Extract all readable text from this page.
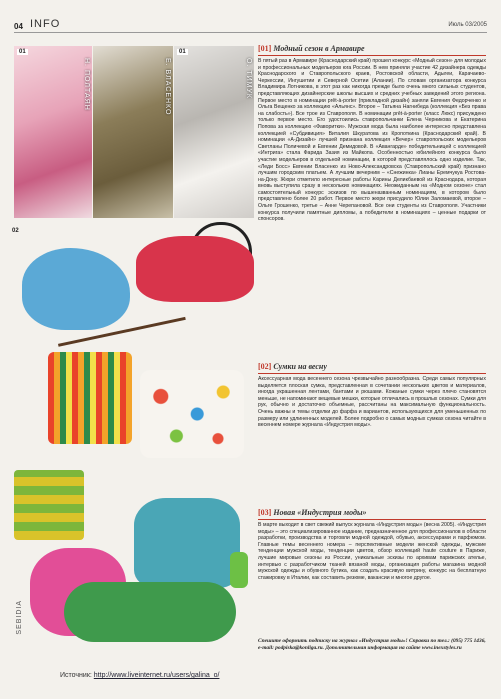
04 INFO	Июль 03/2005
01
Н. ПОЛТАЯН	Е. ВЛАСЕНКО
01
О. ТИМУК
02
SEBIDIA
[01] Модный сезон в Армавире
В пятый раз в Армавире (Краснодарский край) прошел конкурс «Модный сезон» для молодых и профессиональных модельеров юга России. В нем приняли участие 42 дизайнера одежды Краснодарского и Ставропольского краев, Ростовской области, Адыгеи, Карачаево-Черкессии, Ингушетии и Северной Осетии (Алании). По словам организатора конкурса Владимира Лотникова, в этот раз как никогда прежде было очень много сильных студентов, представляющих дизайнерские школы высших и средних учебных заведений этого региона. Первое место в номинации prêt-à-porter (прикладной дизайн) заняли Евгения Федорченко и Ольга Вещенко за коллекцию «Альянс». Второе – Татьяна Нагнибеда (коллекция «Без права на слабость»). Все трое из Ставрополя. В номинации prêt-à-porter (класс Люкс) присуждено только первое место. Его удостоились ставропольчанки Елена Черникова и Екатерина Попова за коллекцию «Фаворитки». Мужская мода была наиболее интересно представлена коллекцией «Субдивиция» Виталия Шкуратова из Кропоткина (Краснодарский край). В номинации «А-Дизайн» лучшей признана коллекция «Вечер» ставропольских модельеров Светланы Поличевой и Евгении Демидовой. В «Авангарде» победительницей с коллекцией «Интрига» стала Фарида Зазия из Майкопа. Особенностью юбилейного конкурса было участие модельеров в отдельной номинации, в которой представлялось одно изделие. Так, «Леди Босс» Евгении Власенко из Ново-Александровска (Ставропольский край) признано лучшим городским платьем. А лучшим вечерним – «Снежинка» Лианы Еремчукуа Ростова-на-Дону. Жюри отметило интересные работы Карины Деликбаевой из Краснодара, которая вновь выступила сразу в нескольких номинациях. Неожиданным на «Модном сезоне» стал самостоятельный конкурс эскизов по вышеназванным номинациям, в котором было представлено более 20 работ. Первое место жюри присудило Юлии Заломаевой, второе – Ольге Грошенко, третье – Анне Черепановой. Все они студенты из Ставрополя. Участники конкурса получили памятные дипломы, а победители в номинациях – ценные подарки от спонсоров.
[02] Сумки на весну
Аксессуарная мода весеннего сезона чрезвычайно разнообразна. Среди самых популярных выделяется плоская сумка, представленная в сочетании нескольких цветов и материалов, иногда украшенная лентами, бантами и рюшами. Кожаные сумки через плечо становятся меньше, не напоминают вещевые мешки, которые отличались в прошлых сезонах. Сумки для рук, обычно и достаточно объемные, рассчитаны на максимальную функциональность. Очень важны и темы отделки до фарфа и вариантов, использующихся для уменьшенных по размеру или удлиненных моделей. Более подробно о самых модных сумках сезона читайте в весеннем номере журнала «Индустрия моды».
[03] Новая «Индустрия моды»
В марте выходит в свет свежий выпуск журнала «Индустрия моды» (весна 2005). «Индустрия моды» – это специализированное издание, предназначенное для профессионалов в области разработки, производства и торговли модной одеждой, обувью, аксессуарами и парфюмом. Главные темы весеннего номера – перспективные модели женской одежды, мужские тенденции мужской моды, тенденции цветов, обзор коллекций haute couture в Париже, лучшие мировые сезоны из России, уникальные эскизы по архивам парижских ателье, интервью с разработчиком тканей вязаной моды, организация работы магазина модной мужской одежды и обувного бутика, как создать красивую витрину, конкурс на бесплатную стажировку в Италии, как составить резюме, вакансии и многое другое.
Спешите оформить подписку на журнал «Индустрия моды»! Справки по тел.: (095) 775 1436, e-mail: podpiska@konliga.ru. Дополнительная информация на сайте www.inexstyles.ru
Источник: http://www.liveinternet.ru/users/galina_o/
